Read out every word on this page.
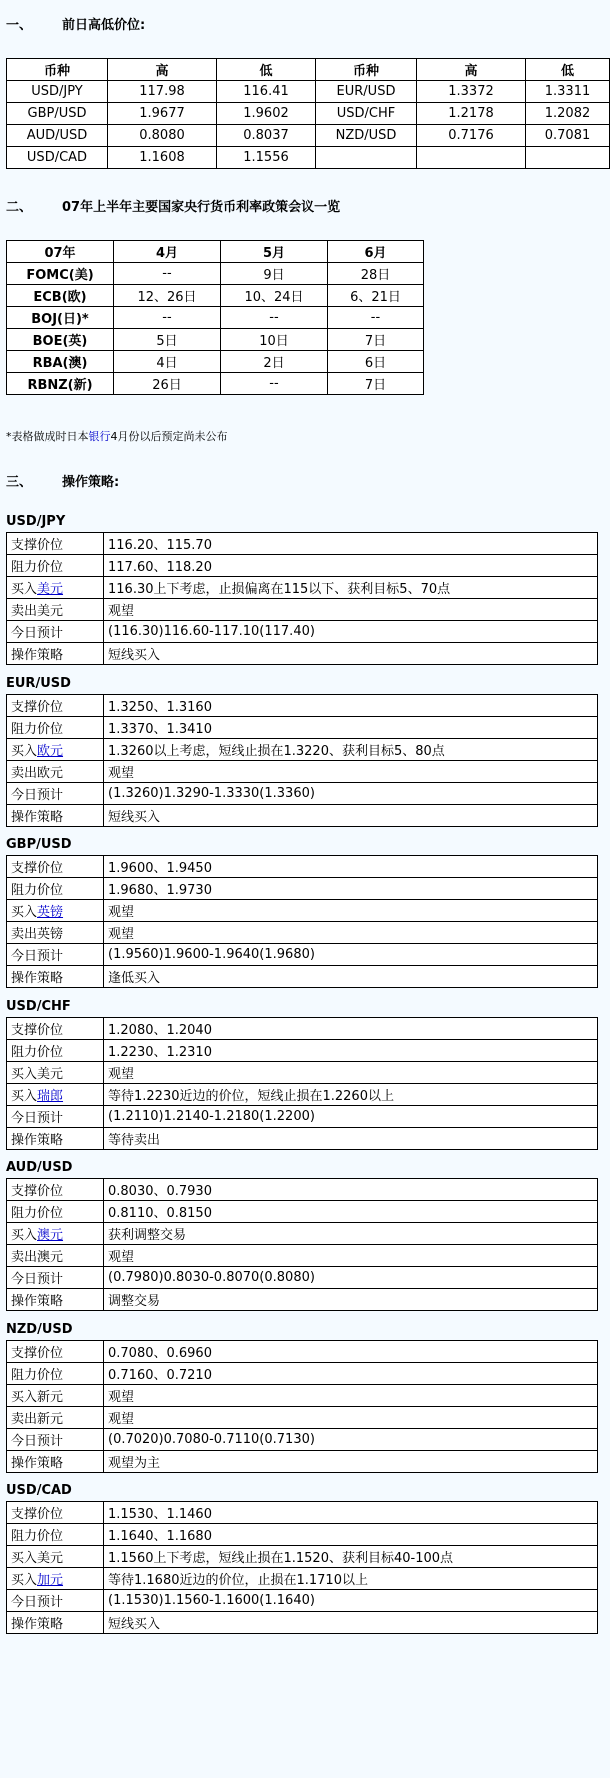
一、 前日高低价位:
币种	高	低	币种	高	低
USD/JPY	117.98	116.41	EUR/USD	1.3372	1.3311
GBP/USD	1.9677	1.9602	USD/CHF	1.2178	1.2082
AUD/USD	0.8080	0.8037	NZD/USD	0.7176	0.7081
USD/CAD	1.1608	1.1556			
二、 07年上半年主要国家央行货币利率政策会议一览
07年	4月	5月	6月
FOMC(美)	--	9日	28日
ECB(欧)	12、26日	10、24日	6、21日
BOJ(日)*	--	--	--
BOE(英)	5日	10日	7日
RBA(澳)	4日	2日	6日
RBNZ(新)	26日	--	7日
*表格做成时日本银行4月份以后预定尚未公布
三、 操作策略:
USD/JPY
支撑价位	116.20、115.70
阻力价位	117.60、118.20
买入美元	116.30上下考虑，止损偏离在115以下、获利目标5、70点
卖出美元	观望
今日预计	(116.30)116.60-117.10(117.40)
操作策略	短线买入
EUR/USD
支撑价位	1.3250、1.3160
阻力价位	1.3370、1.3410
买入欧元	1.3260以上考虑，短线止损在1.3220、获利目标5、80点
卖出欧元	观望
今日预计	(1.3260)1.3290-1.3330(1.3360)
操作策略	短线买入
GBP/USD
支撑价位	1.9600、1.9450
阻力价位	1.9680、1.9730
买入英镑	观望
卖出英镑	观望
今日预计	(1.9560)1.9600-1.9640(1.9680)
操作策略	逢低买入
USD/CHF
支撑价位	1.2080、1.2040
阻力价位	1.2230、1.2310
买入美元	观望
买入瑞郎	等待1.2230近边的价位，短线止损在1.2260以上
今日预计	(1.2110)1.2140-1.2180(1.2200)
操作策略	等待卖出
AUD/USD
支撑价位	0.8030、0.7930
阻力价位	0.8110、0.8150
买入澳元	获利调整交易
卖出澳元	观望
今日预计	(0.7980)0.8030-0.8070(0.8080)
操作策略	调整交易
NZD/USD
支撑价位	0.7080、0.6960
阻力价位	0.7160、0.7210
买入新元	观望
卖出新元	观望
今日预计	(0.7020)0.7080-0.7110(0.7130)
操作策略	观望为主
USD/CAD
支撑价位	1.1530、1.1460
阻力价位	1.1640、1.1680
买入美元	1.1560上下考虑，短线止损在1.1520、获利目标40-100点
买入加元	等待1.1680近边的价位，止损在1.1710以上
今日预计	(1.1530)1.1560-1.1600(1.1640)
操作策略	短线买入
